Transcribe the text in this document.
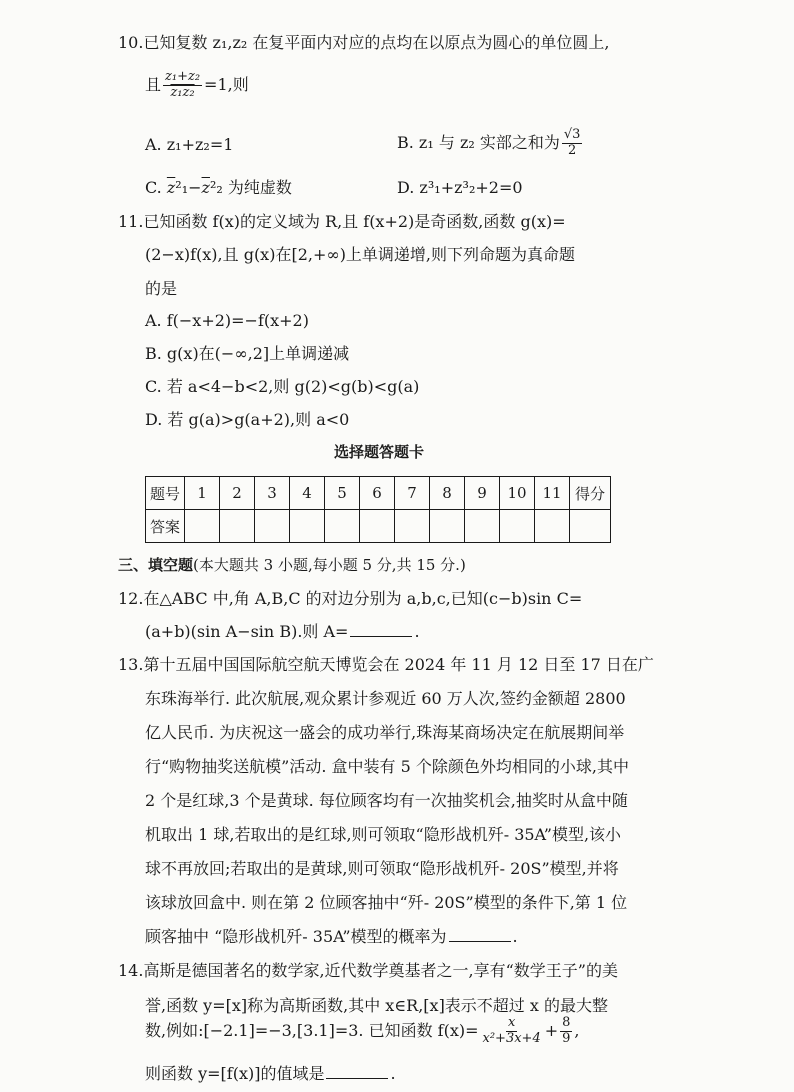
10.已知复数 z₁,z₂ 在复平面内对应的点均在以原点为圆心的单位圆上,
且 $\frac{\text{z₁+z₂}}{\text{z₁z₂}} =1$,则
A. z₁+z₂=1	B. z₁ 与 z₂ 实部之和为 $\frac{√3}{2}$
C. $\overline{z}^2_1-\overline{z}^2_2$ 为纯虚数	D. z³₁+z³₂+2=0
11.已知函数 f(x)的定义域为 R,且 f(x+2)是奇函数,函数 g(x)=
(2−x)f(x),且 g(x)在[2,+∞)上单调递增,则下列命题为真命题
的是
A. f(−x+2)=−f(x+2)
B. g(x)在(−∞,2]上单调递减
C. 若 a<4−b<2,则 g(2)<g(b)<g(a)
D. 若 g(a)>g(a+2),则 a<0
选择题答题卡
题号	1	2	3	4	5	6	7	8	9	10	11	得分
答案												
三、填空题(本大题共 3 小题,每小题 5 分,共 15 分.)
12.在△ABC 中,角 A,B,C 的对边分别为 a,b,c,已知(c−b)sin C=
(a+b)(sin A−sin B).则 A=	.
13.第十五届中国国际航空航天博览会在 2024 年 11 月 12 日至 17 日在广
东珠海举行. 此次航展,观众累计参观近 60 万人次,签约金额超 2800
亿人民币. 为庆祝这一盛会的成功举行,珠海某商场决定在航展期间举
行“购物抽奖送航模”活动. 盒中装有 5 个除颜色外均相同的小球,其中
2 个是红球,3 个是黄球. 每位顾客均有一次抽奖机会,抽奖时从盒中随
机取出 1 球,若取出的是红球,则可领取“隐形战机歼- 35A”模型,该小
球不再放回;若取出的是黄球,则可领取“隐形战机歼- 20S”模型,并将
该球放回盒中. 则在第 2 位顾客抽中“歼- 20S”模型的条件下,第 1 位
顾客抽中 “隐形战机歼- 35A”模型的概率为	.
14.高斯是德国著名的数学家,近代数学奠基者之一,享有“数学王子”的美
誉,函数 y=[x]称为高斯函数,其中 x∈R,[x]表示不超过 x 的最大整
数,例如:[−2.1]=−3,[3.1]=3. 已知函数 $f(x)= \frac{x}{\text{x²+3x+4}} + \frac{8}{9}$ ,
则函数 y=[f(x)]的值域是	.
